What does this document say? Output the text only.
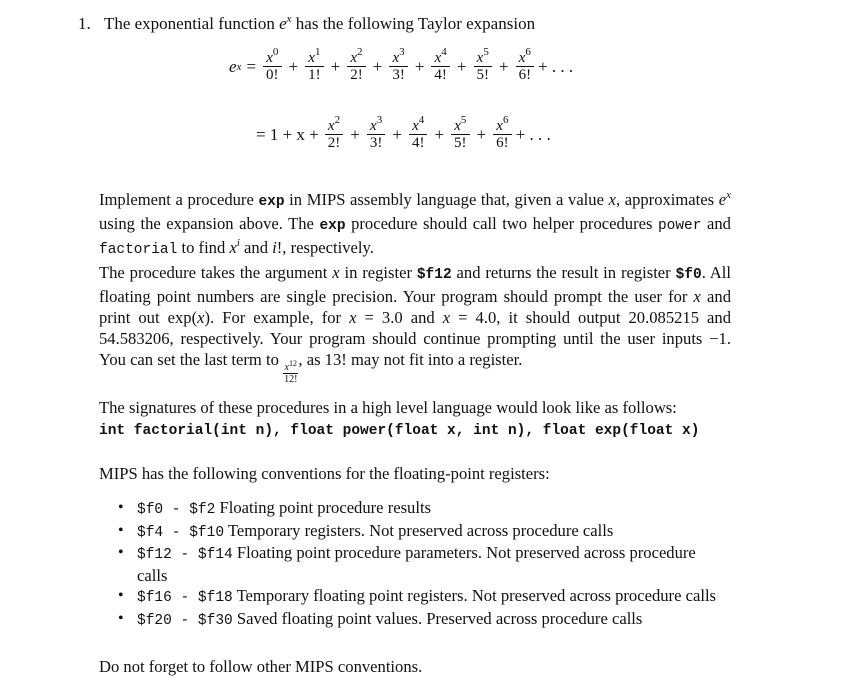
1. The exponential function $e^x$ has the following Taylor expansion
e $x = \frac{x^0}{0!} + \frac{x^1}{1!} + \frac{x^2}{2!} + \frac{x^3}{3!} + \frac{x^4}{4!} + \frac{x^5}{5!} + \frac{x^6}{6!}$ + . . .
= $1 + x + \frac{x^2}{2!} + \frac{x^3}{3!} + \frac{x^4}{4!} + \frac{x^5}{5!} + \frac{x^6}{6!}$ + . . .
Implement a procedure exp in MIPS assembly language that, given a value x, approximates $e^x$ using the expansion above. The exp procedure should call two helper procedures power and factorial to find $x^i$ and i!, respectively.
The procedure takes the argument x in register $f12 and returns the result in register $f0. All floating point numbers are single precision. Your program should prompt the user for x and print out exp(x). For example, for x = 3.0 and x = 4.0, it should output 20.085215 and 54.583206, respectively. Your program should continue prompting until the user inputs −1. You can set the last term to
$\frac{x^{12}}{12!}$
, as 13! may not fit into a register.
The signatures of these procedures in a high level language would look like as follows:
int factorial(int n), float power(float x, int n), float exp(float x)
MIPS has the following conventions for the floating-point registers:
• $f0 - $f2 Floating point procedure results
• $f4 - $f10 Temporary registers. Not preserved across procedure calls
• $f12 - $f14 Floating point procedure parameters. Not preserved across procedure calls
• $f16 - $f18 Temporary floating point registers. Not preserved across procedure calls
• $f20 - $f30 Saved floating point values. Preserved across procedure calls
Do not forget to follow other MIPS conventions.
